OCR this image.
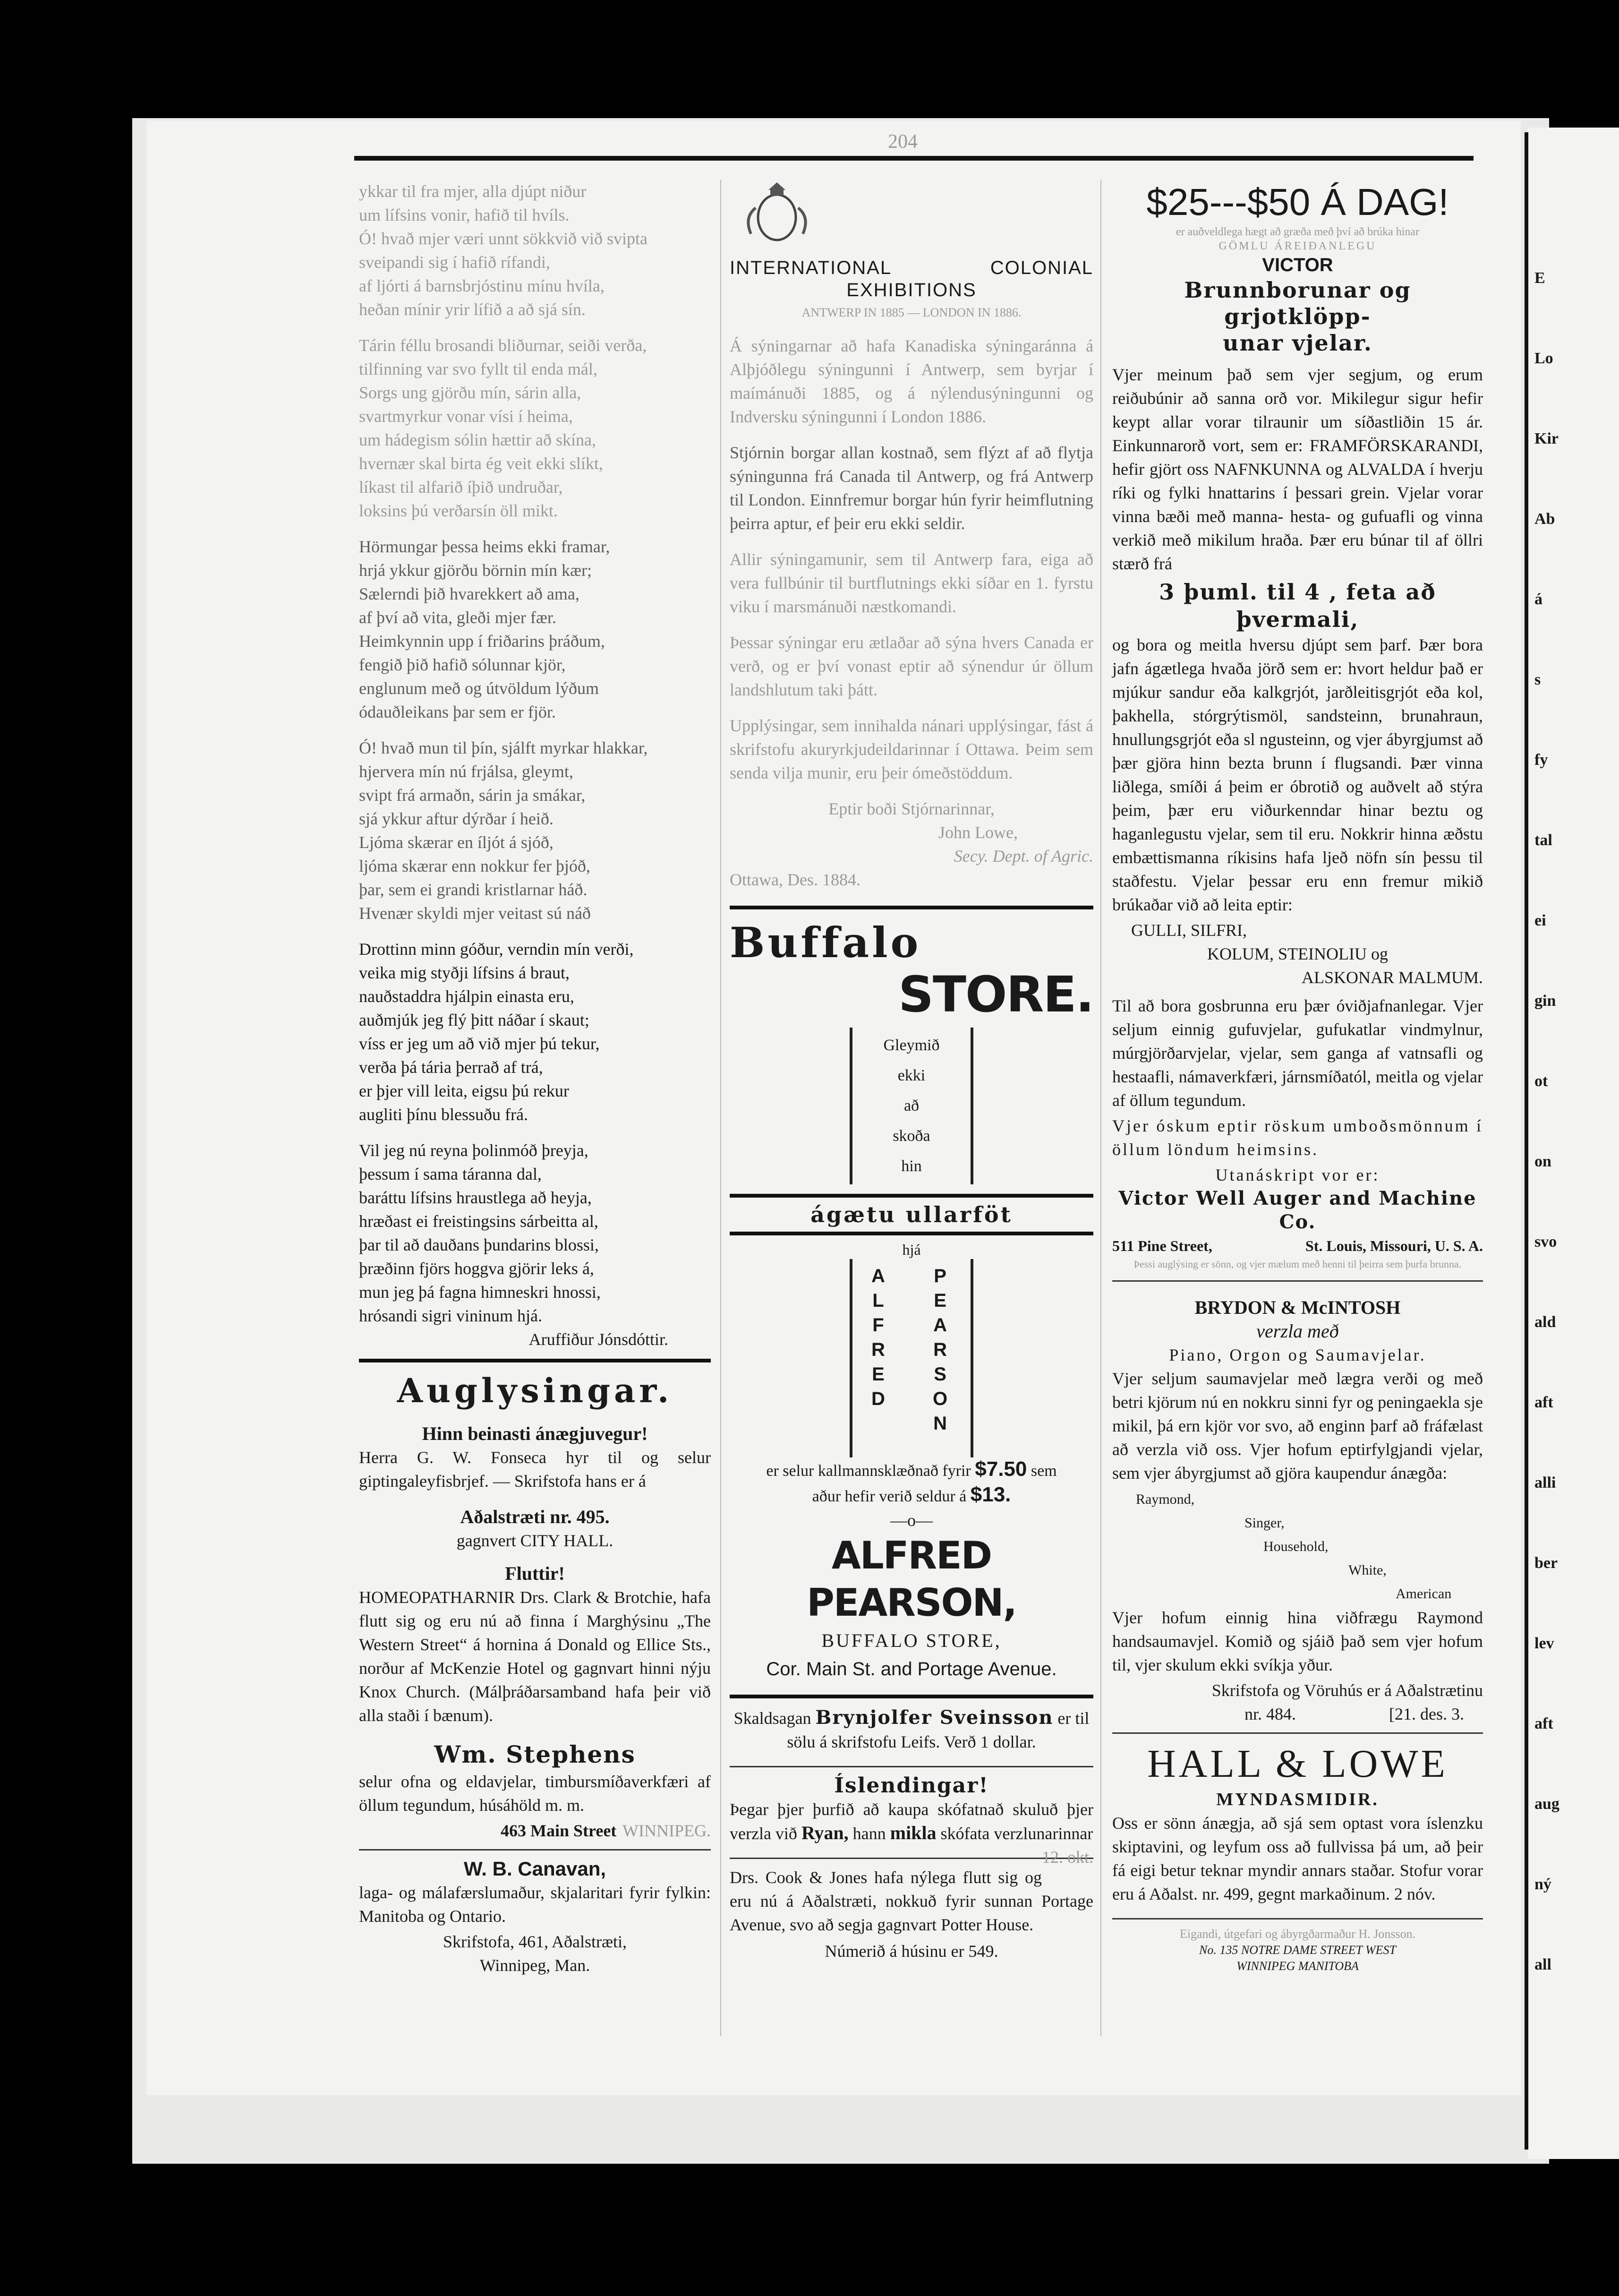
E
Lo
Kir
Ab
á
s
fy
tal
ei
gin
ot
on
svo
ald
aft
alli
ber
lev
aft
aug
ný
all
204
ykkar til fra mjer, alla djúpt niður
um lífsins vonir, hafið til hvíls.
Ó! hvað mjer væri unnt sökkvið við svipta
sveipandi sig í hafið rífandi,
af ljórti á barnsbrjóstinu mínu hvíla,
heðan mínir yrir lífið a að sjá sín.
Tárin féllu brosandi bliðurnar, seiði verða,
tilfinning var svo fyllt til enda mál,
Sorgs ung gjörðu mín, sárin alla,
svartmyrkur vonar vísi í heima,
um hádegism sólin hættir að skína,
hvernær skal birta ég veit ekki slíkt,
líkast til alfarið íþið undruðar,
loksins þú verðarsín öll mikt.
Hörmungar þessa heims ekki framar,
hrjá ykkur gjörðu börnin mín kær;
Sælerndi þið hvarekkert að ama,
af því að vita, gleði mjer fær.
Heimkynnin upp í friðarins þráðum,
fengið þið hafið sólunnar kjör,
englunum með og útvöldum lýðum
ódauðleikans þar sem er fjör.
Ó! hvað mun til þín, sjálft myrkar hlakkar,
hjervera mín nú frjálsa, gleymt,
svipt frá armaðn, sárin ja smákar,
sjá ykkur aftur dýrðar í heið.
Ljóma skærar en íljót á sjóð,
ljóma skærar enn nokkur fer þjóð,
þar, sem ei grandi kristlarnar háð.
Hvenær skyldi mjer veitast sú náð
Drottinn minn góður, verndin mín verði,
veika mig styðji lífsins á braut,
nauðstaddra hjálpin einasta eru,
auðmjúk jeg flý þitt náðar í skaut;
víss er jeg um að við mjer þú tekur,
verða þá tária þerrað af trá,
er þjer vill leita, eigsu þú rekur
augliti þínu blessuðu frá.
Vil jeg nú reyna þolinmóð þreyja,
þessum í sama táranna dal,
baráttu lífsins hraustlega að heyja,
hræðast ei freistingsins sárbeitta al,
þar til að dauðans þundarins blossi,
þræðinn fjörs hoggva gjörir leks á,
mun jeg þá fagna himneskri hnossi,
hrósandi sigri vininum hjá.
Aruffiður Jónsdóttir.
Auglysingar.
Hinn beinasti ánægjuvegur!

Herra G. W. Fonseca hyr til og selur giptingaleyfisbrjef. — Skrifstofa hans er á

Aðalstræti nr. 495.
gagnvert CITY HALL.
Fluttir!

HOMEOPATHARNIR Drs. Clark & Brotchie, hafa flutt sig og eru nú að finna í Marghýsinu „The Western Street“ á hornina á Donald og Ellice Sts., norður af McKenzie Hotel og gagnvart hinni nýju Knox Church. (Málþráðarsamband hafa þeir við alla staði í bænum).

Wm. Stephens

selur ofna og eldavjelar, timbursmíðaverkfæri af öllum tegundum, húsáhöld m. m.

463 Main Street WINNIPEG.
W. B. Canavan,

laga- og málafærslumaður, skjalaritari fyrir fylkin: Manitoba og Ontario.

Skrifstofa, 461, Aðalstræti,
Winnipeg, Man.
INTERNATIONAL	COLONIAL
EXHIBITIONS
ANTWERP IN 1885 — LONDON IN 1886.

Á sýningarnar að hafa Kanadiska sýningaránna á Alþjóðlegu sýningunni í Antwerp, sem byrjar í maímánuði 1885, og á nýlendusýningunni og Indversku sýningunni í London 1886.

Stjórnin borgar allan kostnað, sem flýzt af að flytja sýningunna frá Canada til Antwerp, og frá Antwerp til London. Einnfremur borgar hún fyrir heimflutning þeirra aptur, ef þeir eru ekki seldir.

Allir sýningamunir, sem til Antwerp fara, eiga að vera fullbúnir til burtflutnings ekki síðar en 1. fyrstu viku í marsmánuði næstkomandi.

Þessar sýningar eru ætlaðar að sýna hvers Canada er verð, og er því vonast eptir að sýnendur úr öllum landshlutum taki þátt.

Upplýsingar, sem innihalda nánari upplýsingar, fást á skrifstofu akuryrkjudeildarinnar í Ottawa. Þeim sem senda vilja munir, eru þeir ómeðstöddum.

Eptir boði Stjórnarinnar,
John Lowe,
Secy. Dept. of Agric.
Ottawa, Des. 1884.
Buffalo
STORE.
Gleymið
ekki
að
skoða
hin
ágætu ullarföt
hjá
A
L
F
R
E
D
P
E
A
R
S
O
N
er selur kallmannsklæðnað fyrir $7.50 sem
aður hefir verið seldur á $13.
—o—
ALFRED PEARSON,
BUFFALO STORE,
Cor. Main St. and Portage Avenue.

Skaldsagan Brynjolfer Sveinsson er til sölu á skrifstofu Leifs. Verð 1 dollar.

Íslendingar!

Þegar þjer þurfið að kaupa skófatnað skuluð þjer verzla við Ryan, hann mikla skófata verzlunarinnar
12. okt.

Drs. Cook & Jones hafa nýlega flutt sig og eru nú á Aðalstræti, nokkuð fyrir sunnan Portage Avenue, svo að segja gagnvart Potter House.

Númerið á húsinu er 549.
$25---$50 Á DAG!
er auðveldlega hægt að græða með því að brúka hinar
GÖMLU ÁREIÐANLEGU
VICTOR
Brunnborunar og grjotklöpp-
unar vjelar.

Vjer meinum það sem vjer segjum, og erum reiðubúnir að sanna orð vor. Mikilegur sigur hefir keypt allar vorar tilraunir um síðastliðin 15 ár. Einkunnarorð vort, sem er: FRAMFÖRSKARANDI, hefir gjört oss NAFNKUNNA og ALVALDA í hverju ríki og fylki hnattarins í þessari grein. Vjelar vorar vinna bæði með manna- hesta- og gufuafli og vinna verkið með mikilum hraða. Þær eru búnar til af öllri stærð frá

3 þuml. til 4 , feta að þvermali,

og bora og meitla hversu djúpt sem þarf. Þær bora jafn ágætlega hvaða jörð sem er: hvort heldur það er mjúkur sandur eða kalkgrjót, jarðleitisgrjót eða kol, þakhella, stórgrýtismöl, sandsteinn, brunahraun, hnullungsgrjót eða sl ngusteinn, og vjer ábyrgjumst að þær gjöra hinn bezta brunn í flugsandi. Þær vinna liðlega, smíði á þeim er óbrotið og auðvelt að stýra þeim, þær eru viðurkenndar hinar beztu og haganlegustu vjelar, sem til eru. Nokkrir hinna æðstu embættismanna ríkisins hafa ljeð nöfn sín þessu til staðfestu. Vjelar þessar eru enn fremur mikið brúkaðar við að leita eptir:

GULLI, SILFRI,
KOLUM, STEINOLIU og
ALSKONAR MALMUM.

Til að bora gosbrunna eru þær óviðjafnanlegar. Vjer seljum einnig gufuvjelar, gufukatlar vindmylnur, múrgjörðarvjelar, vjelar, sem ganga af vatnsafli og hestaafli, námaverkfæri, járnsmíðatól, meitla og vjelar af öllum tegundum.

Vjer óskum eptir röskum umboðsmönnum í öllum löndum heimsins.

Utanáskript vor er:
Victor Well Auger and Machine Co.
511 Pine Street,	St. Louis, Missouri, U. S. A.
Þessi auglýsing er sönn, og vjer mælum með henni til þeirra sem þurfa brunna.
BRYDON & McINTOSH
verzla með
Piano, Orgon og Saumavjelar.

Vjer seljum saumavjelar með lægra verði og með betri kjörum nú en nokkru sinni fyr og peningaekla sje mikil, þá ern kjör vor svo, að enginn þarf að fráfælast að verzla við oss. Vjer hofum eptirfylgjandi vjelar, sem vjer ábyrgjumst að gjöra kaupendur ánægða:

Raymond,
Singer,
Household,
White,
American

Vjer hofum einnig hina viðfrægu Raymond handsaumavjel. Komið og sjáið það sem vjer hofum til, vjer skulum ekki svíkja yður.

Skrifstofa og Vöruhús er á Aðalstrætinu
nr. 484.	[21. des. 3.
HALL & LOWE
MYNDASMIDIR.

Oss er sönn ánægja, að sjá sem optast vora íslenzku skiptavini, og leyfum oss að fullvissa þá um, að þeir fá eigi betur teknar myndir annars staðar. Stofur vorar eru á Aðalst. nr. 499, gegnt markaðinum. 2 nóv.

Eigandi, útgefari og ábyrgðarmaður H. Jonsson.
No. 135 NOTRE DAME STREET WEST
WINNIPEG MANITOBA
